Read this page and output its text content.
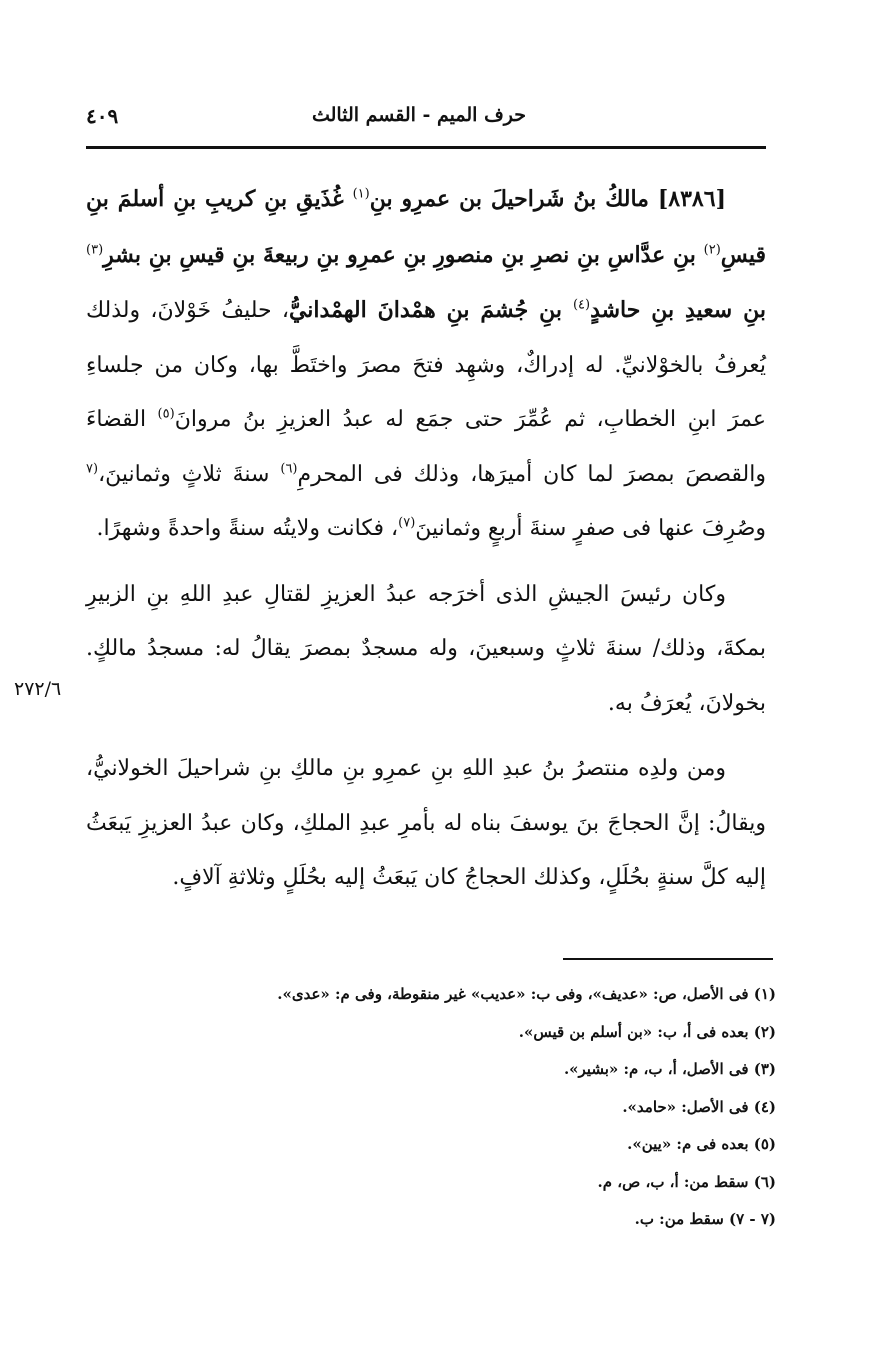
حرف الميم - القسم الثالث
٤٠٩

[٨٣٨٦] مالكُ بنُ شَراحيلَ بن عمرِو بنِ$^{(١)}$ غُذَيقِ بنِ كريبِ بنِ أسلمَ بنِ قيسِ$^{(٢)}$ بنِ عدَّاسِ بنِ نصرِ بنِ منصورِ بنِ عمرِو بنِ ربيعةَ بنِ قيسِ بنِ بشرِ$^{(٣)}$ بنِ سعيدِ بنِ حاشدٍ$^{(٤)}$ بنِ جُشمَ بنِ همْدانَ الهمْدانيُّ، حليفُ خَوْلانَ، ولذلك يُعرفُ بالخوْلانيِّ. له إدراكٌ، وشهِد فتحَ مصرَ واختَطَّ بها، وكان من جلساءِ عمرَ ابنِ الخطابِ، ثم عُمِّرَ حتى جمَع له عبدُ العزيزِ بنُ مروانَ$^{(٥)}$ القضاءَ والقصصَ بمصرَ لما كان أميرَها، وذلك فى المحرمِ$^{(٦)}$ سنةَ ثلاثٍ وثمانينَ،$^{(٧}$ وصُرِفَ عنها فى صفرٍ سنةَ أربعٍ وثمانينَ$^{(٧)}$، فكانت ولايتُه سنةً واحدةً وشهرًا.

وكان رئيسَ الجيشِ الذى أخرَجه عبدُ العزيزِ لقتالِ عبدِ اللهِ بنِ الزبيرِ بمكةَ، وذلك/ سنةَ ثلاثٍ وسبعينَ، وله مسجدٌ بمصرَ يقالُ له: مسجدُ مالكٍ. بخولانَ، يُعرَفُ به.

ومن ولدِه منتصرُ بنُ عبدِ اللهِ بنِ عمرِو بنِ مالكِ بنِ شراحيلَ الخولانيُّ، ويقالُ: إنَّ الحجاجَ بنَ يوسفَ بناه له بأمرِ عبدِ الملكِ، وكان عبدُ العزيزِ يَبعَثُ إليه كلَّ سنةٍ بحُلَلٍ، وكذلك الحجاجُ كان يَبعَثُ إليه بحُلَلٍ وثلاثةِ آلافٍ.

٢٧٢/٦
(١) فى الأصل، ص: «عديف»، وفى ب: «عديب» غير منقوطة، وفى م: «عدى».
(٢) بعده فى أ، ب: «بن أسلم بن قيس».
(٣) فى الأصل، أ، ب، م: «بشير».
(٤) فى الأصل: «حامد».
(٥) بعده فى م: «يين».
(٦) سقط من: أ، ب، ص، م.
(٧ - ٧) سقط من: ب.
